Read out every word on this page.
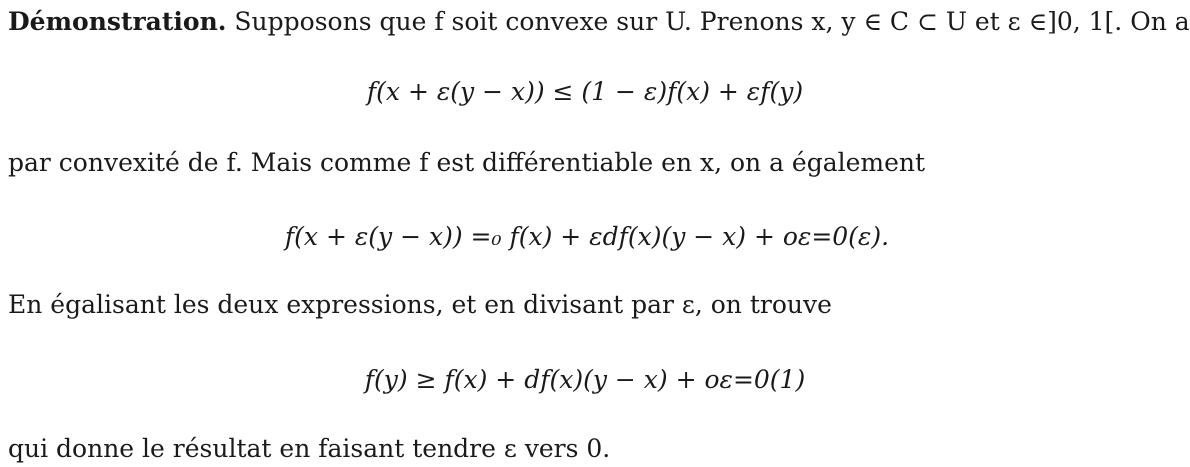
Démonstration. Supposons que f soit convexe sur U. Prenons x, y ∈ C ⊂ U et ε ∈]0, 1[. On a
f(x + ε(y − x)) ≤ (1 − ε)f(x) + εf(y)
par convexité de f. Mais comme f est différentiable en x, on a également
f(x + ε(y − x)) =₀ f(x) + εdf(x)(y − x) + oε=0(ε).
En égalisant les deux expressions, et en divisant par ε, on trouve
f(y) ≥ f(x) + df(x)(y − x) + oε=0(1)
qui donne le résultat en faisant tendre ε vers 0.
